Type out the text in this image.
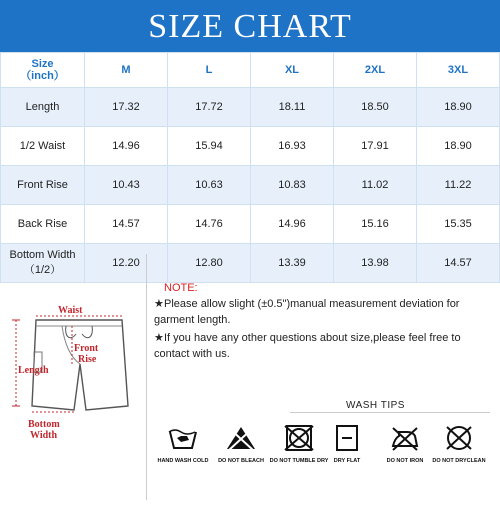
SIZE CHART
Size
（inch）	M	L	XL	2XL	3XL
Length	17.32	17.72	18.11	18.50	18.90
1/2 Waist	14.96	15.94	16.93	17.91	18.90
Front Rise	10.43	10.63	10.83	11.02	11.22
Back Rise	14.57	14.76	14.96	15.16	15.35
Bottom Width（1/2）	12.20	12.80	13.39	13.98	14.57
Waist
Front
Rise
Length
Bottom
Width
NOTE:
★Please allow slight (±0.5")manual measurement deviation for garment length.
★If you have any other questions about size,please feel free to contact with us.
WASH TIPS
HAND WASH COLD	DO NOT BLEACH	DO NOT TUMBLE DRY DRY FLAT	DO NOT IRON	DO NOT DRYCLEAN
